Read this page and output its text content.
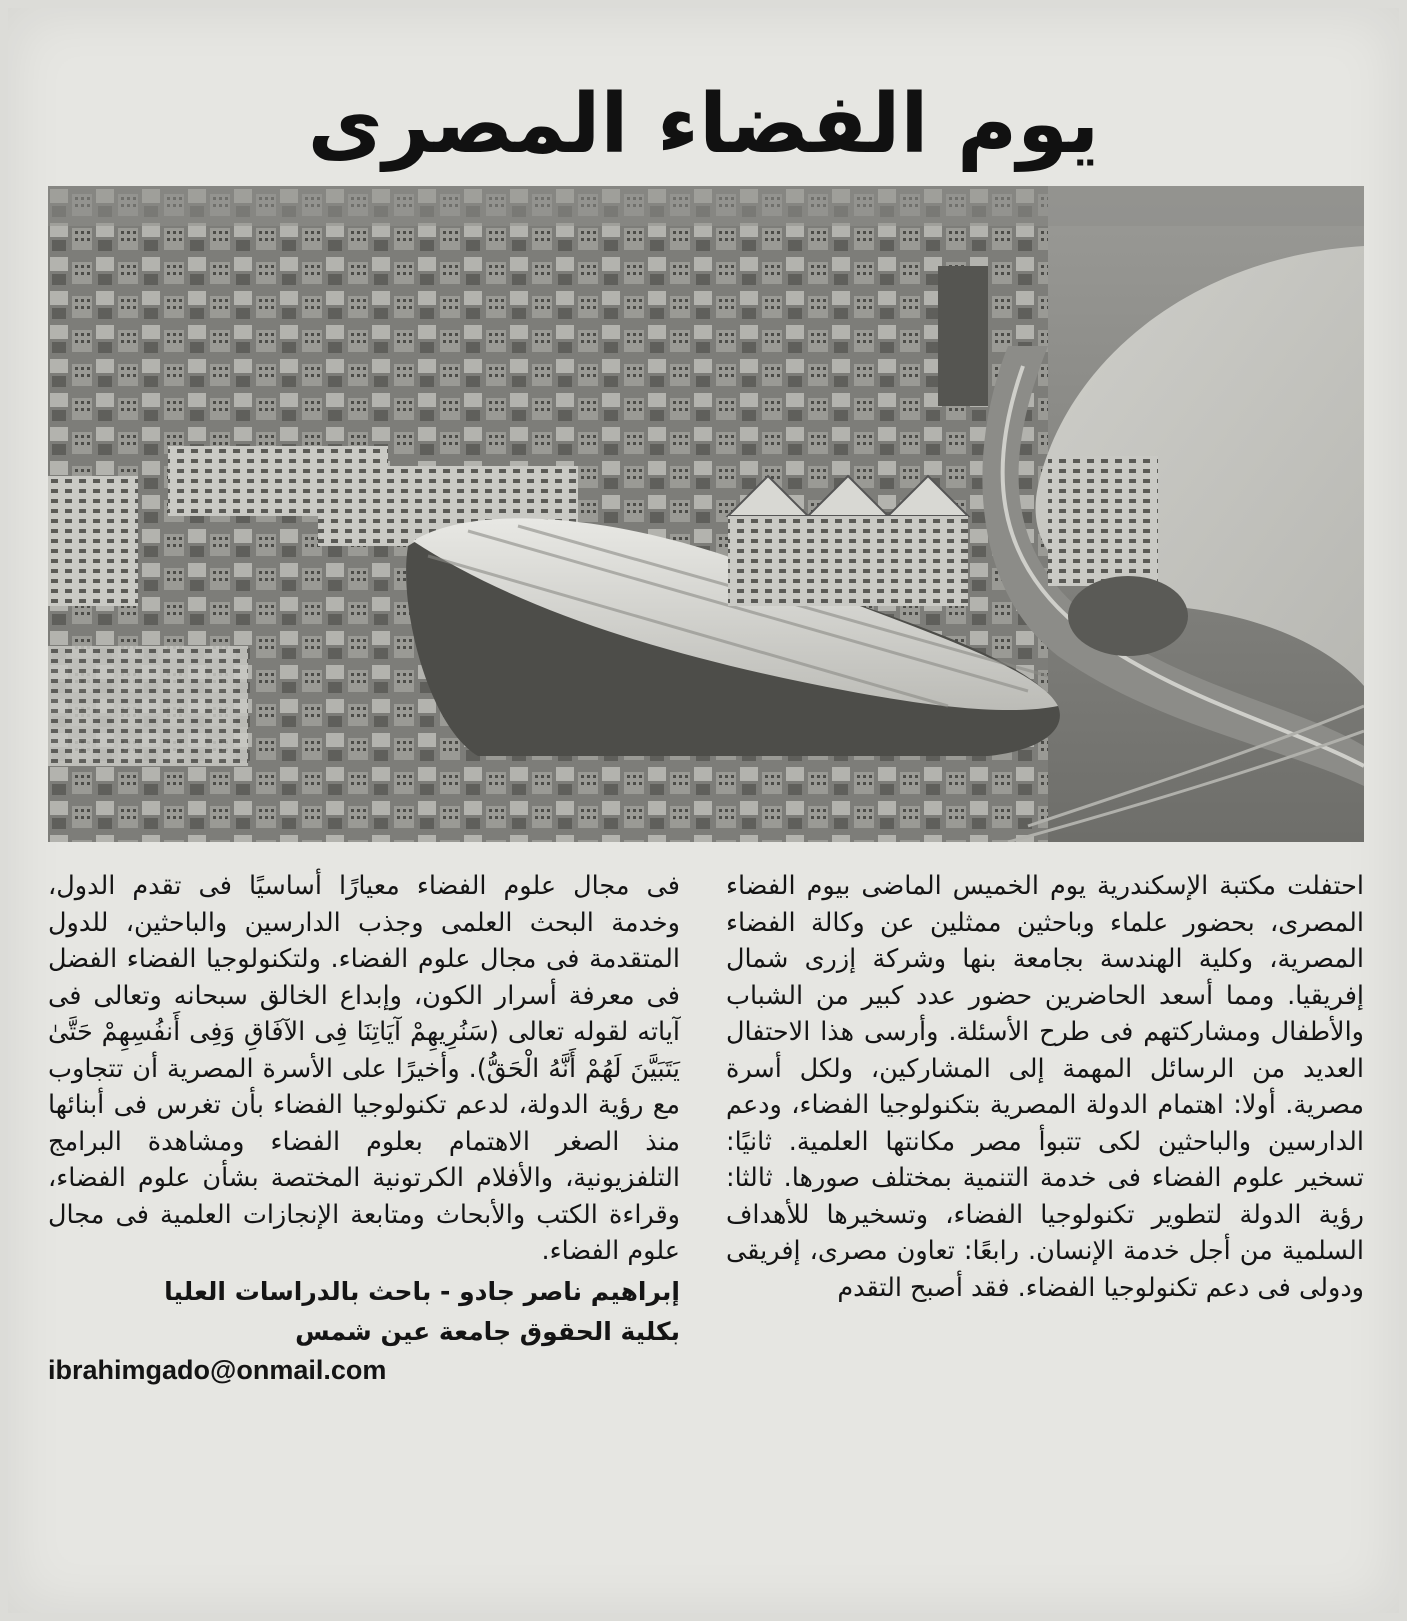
يوم الفضاء المصرى
احتفلت مكتبة الإسكندرية يوم الخميس الماضى بيوم الفضاء المصرى، بحضور علماء وباحثين ممثلين عن وكالة الفضاء المصرية، وكلية الهندسة بجامعة بنها وشركة إزرى شمال إفريقيا. ومما أسعد الحاضرين حضور عدد كبير من الشباب والأطفال ومشاركتهم فى طرح الأسئلة. وأرسى هذا الاحتفال العديد من الرسائل المهمة إلى المشاركين، ولكل أسرة مصرية. أولا: اهتمام الدولة المصرية بتكنولوجيا الفضاء، ودعم الدارسين والباحثين لكى تتبوأ مصر مكانتها العلمية. ثانيًا: تسخير علوم الفضاء فى خدمة التنمية بمختلف صورها. ثالثا: رؤية الدولة لتطوير تكنولوجيا الفضاء، وتسخيرها للأهداف السلمية من أجل خدمة الإنسان. رابعًا: تعاون مصرى، إفريقى ودولى فى دعم تكنولوجيا الفضاء. فقد أصبح التقدم
فى مجال علوم الفضاء معيارًا أساسيًا فى تقدم الدول، وخدمة البحث العلمى وجذب الدارسين والباحثين، للدول المتقدمة فى مجال علوم الفضاء. ولتكنولوجيا الفضاء الفضل فى معرفة أسرار الكون، وإبداع الخالق سبحانه وتعالى فى آياته لقوله تعالى (سَنُرِيهِمْ آيَاتِنَا فِى الآفَاقِ وَفِى أَنفُسِهِمْ حَتَّىٰ يَتَبَيَّنَ لَهُمْ أَنَّهُ الْحَقُّ). وأخيرًا على الأسرة المصرية أن تتجاوب مع رؤية الدولة، لدعم تكنولوجيا الفضاء بأن تغرس فى أبنائها منذ الصغر الاهتمام بعلوم الفضاء ومشاهدة البرامج التلفزيونية، والأفلام الكرتونية المختصة بشأن علوم الفضاء، وقراءة الكتب والأبحاث ومتابعة الإنجازات العلمية فى مجال علوم الفضاء.
إبراهيم ناصر جادو - باحث بالدراسات العليا
بكلية الحقوق جامعة عين شمس
ibrahimgado@onmail.com
